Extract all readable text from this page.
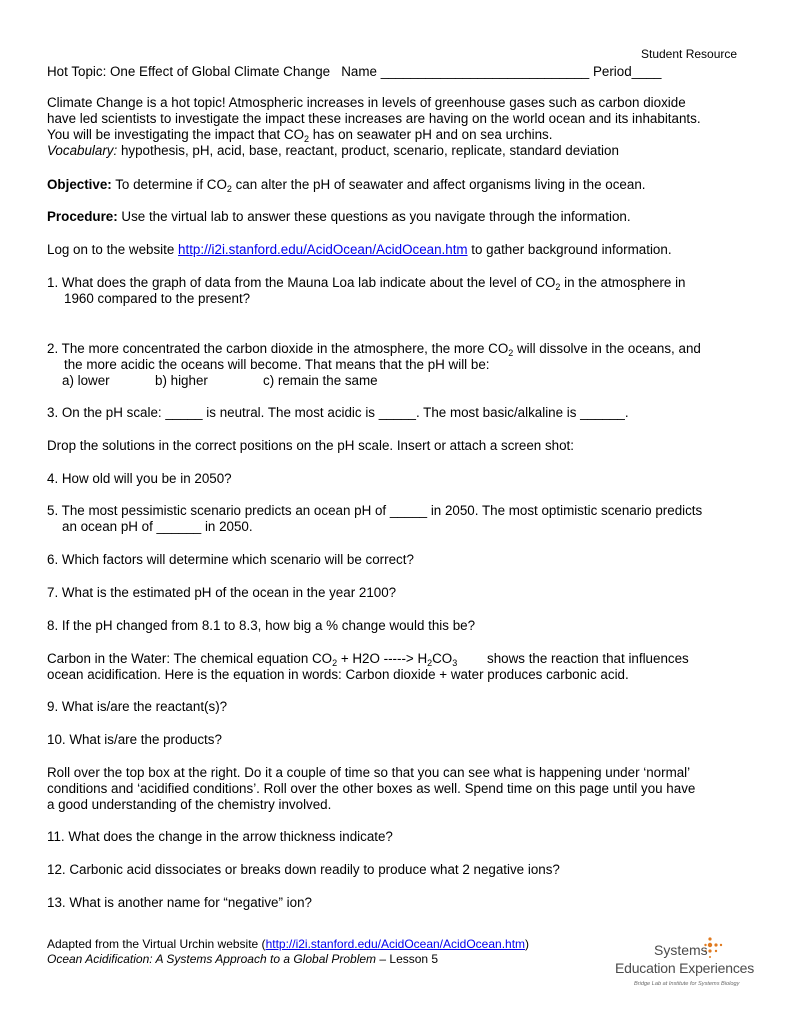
Student Resource
Hot Topic: One Effect of Global Climate Change Name ____________________________ Period____
Climate Change is a hot topic! Atmospheric increases in levels of greenhouse gases such as carbon dioxide
have led scientists to investigate the impact these increases are having on the world ocean and its inhabitants.
You will be investigating the impact that $CO_2$ has on seawater pH and on sea urchins.
Vocabulary: hypothesis, pH, acid, base, reactant, product, scenario, replicate, standard deviation
Objective: To determine if $CO_2$ can alter the pH of seawater and affect organisms living in the ocean.
Procedure: Use the virtual lab to answer these questions as you navigate through the information.
Log on to the website http://i2i.stanford.edu/AcidOcean/AcidOcean.htm to gather background information.
1. What does the graph of data from the Mauna Loa lab indicate about the level of $CO_2$ in the atmosphere in
1960 compared to the present?
2. The more concentrated the carbon dioxide in the atmosphere, the more $CO_2$ will dissolve in the oceans, and
the more acidic the oceans will become. That means that the pH will be:
a) lower	b) higher	c) remain the same
3. On the pH scale: _____ is neutral. The most acidic is _____. The most basic/alkaline is ______.
Drop the solutions in the correct positions on the pH scale. Insert or attach a screen shot:
4. How old will you be in 2050?
5. The most pessimistic scenario predicts an ocean pH of _____ in 2050. The most optimistic scenario predicts
an ocean pH of ______ in 2050.
6. Which factors will determine which scenario will be correct?
7. What is the estimated pH of the ocean in the year 2100?
8. If the pH changed from 8.1 to 8.3, how big a % change would this be?
Carbon in the Water: The chemical equation $CO_2 + H2O$ -----> $H_2CO_3$        shows the reaction that influences
ocean acidification. Here is the equation in words: Carbon dioxide + water produces carbonic acid.
9. What is/are the reactant(s)?
10. What is/are the products?
Roll over the top box at the right. Do it a couple of time so that you can see what is happening under ‘normal’
conditions and ‘acidified conditions’. Roll over the other boxes as well. Spend time on this page until you have
a good understanding of the chemistry involved.
11. What does the change in the arrow thickness indicate?
12. Carbonic acid dissociates or breaks down readily to produce what 2 negative ions?
13. What is another name for “negative” ion?
Adapted from the Virtual Urchin website (http://i2i.stanford.edu/AcidOcean/AcidOcean.htm)
Ocean Acidification: A Systems Approach to a Global Problem – Lesson 5
Systems
Education Experiences
Bridge Lab at Institute for Systems Biology
